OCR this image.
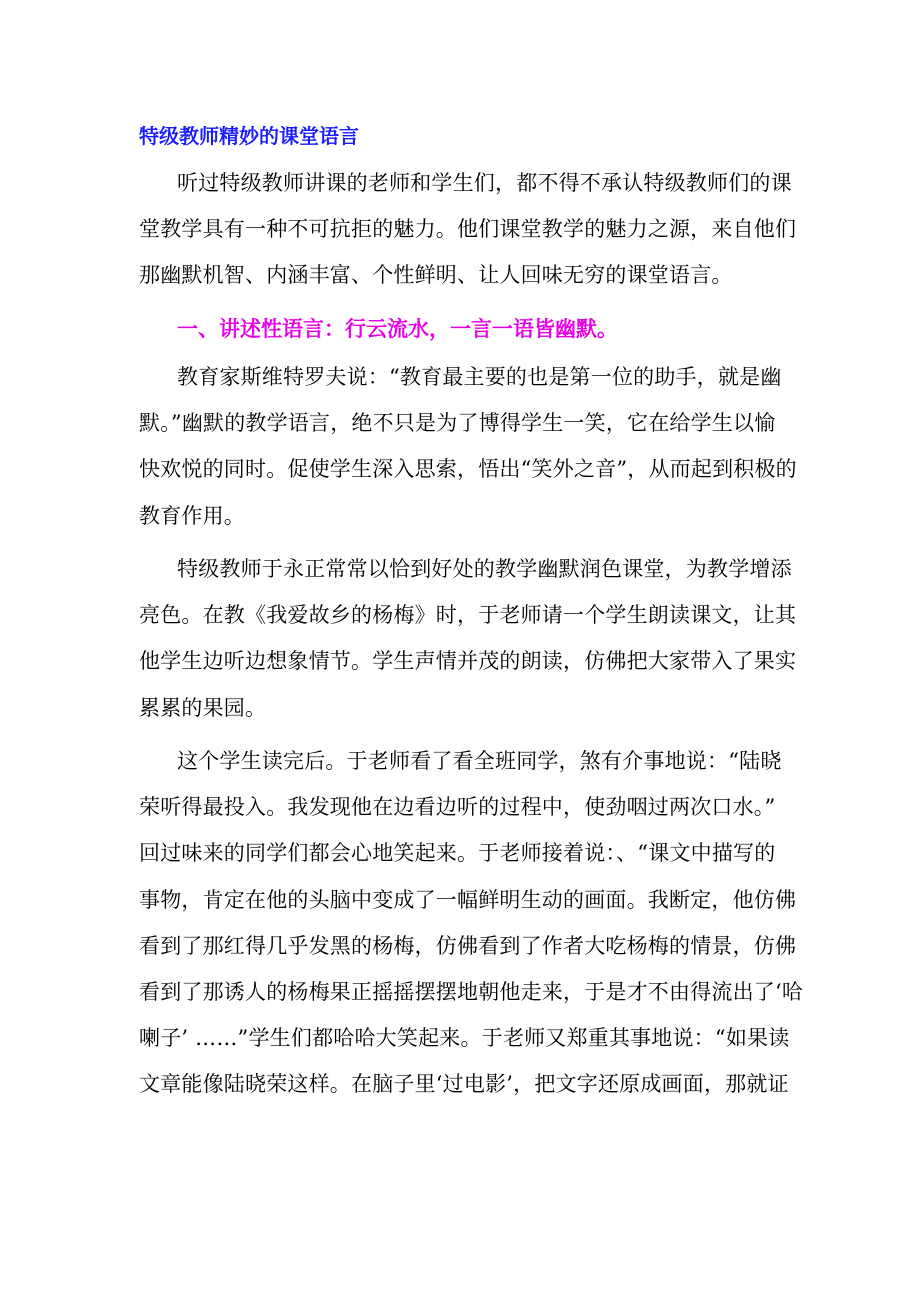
特级教师精妙的课堂语言
听过特级教师讲课的老师和学生们，都不得不承认特级教师们的课
堂教学具有一种不可抗拒的魅力。他们课堂教学的魅力之源，来自他们
那幽默机智、内涵丰富、个性鲜明、让人回味无穷的课堂语言。
一、讲述性语言：行云流水，一言一语皆幽默。
教育家斯维特罗夫说：“教育最主要的也是第一位的助手，就是幽
默。”幽默的教学语言，绝不只是为了博得学生一笑，它在给学生以愉
快欢悦的同时。促使学生深入思索，悟出“笑外之音”，从而起到积极的
教育作用。
特级教师于永正常常以恰到好处的教学幽默润色课堂，为教学增添
亮色。在教《我爱故乡的杨梅》时，于老师请一个学生朗读课文，让其
他学生边听边想象情节。学生声情并茂的朗读，仿佛把大家带入了果实
累累的果园。
这个学生读完后。于老师看了看全班同学，煞有介事地说：“陆晓
荣听得最投入。我发现他在边看边听的过程中，使劲咽过两次口水。”
回过味来的同学们都会心地笑起来。于老师接着说：、“课文中描写的
事物，肯定在他的头脑中变成了一幅鲜明生动的画面。我断定，他仿佛
看到了那红得几乎发黑的杨梅，仿佛看到了作者大吃杨梅的情景，仿佛
看到了那诱人的杨梅果正摇摇摆摆地朝他走来，于是才不由得流出了‘哈
喇子’ ……”学生们都哈哈大笑起来。于老师又郑重其事地说：“如果读
文章能像陆晓荣这样。在脑子里‘过电影’，把文字还原成画面，那就证
